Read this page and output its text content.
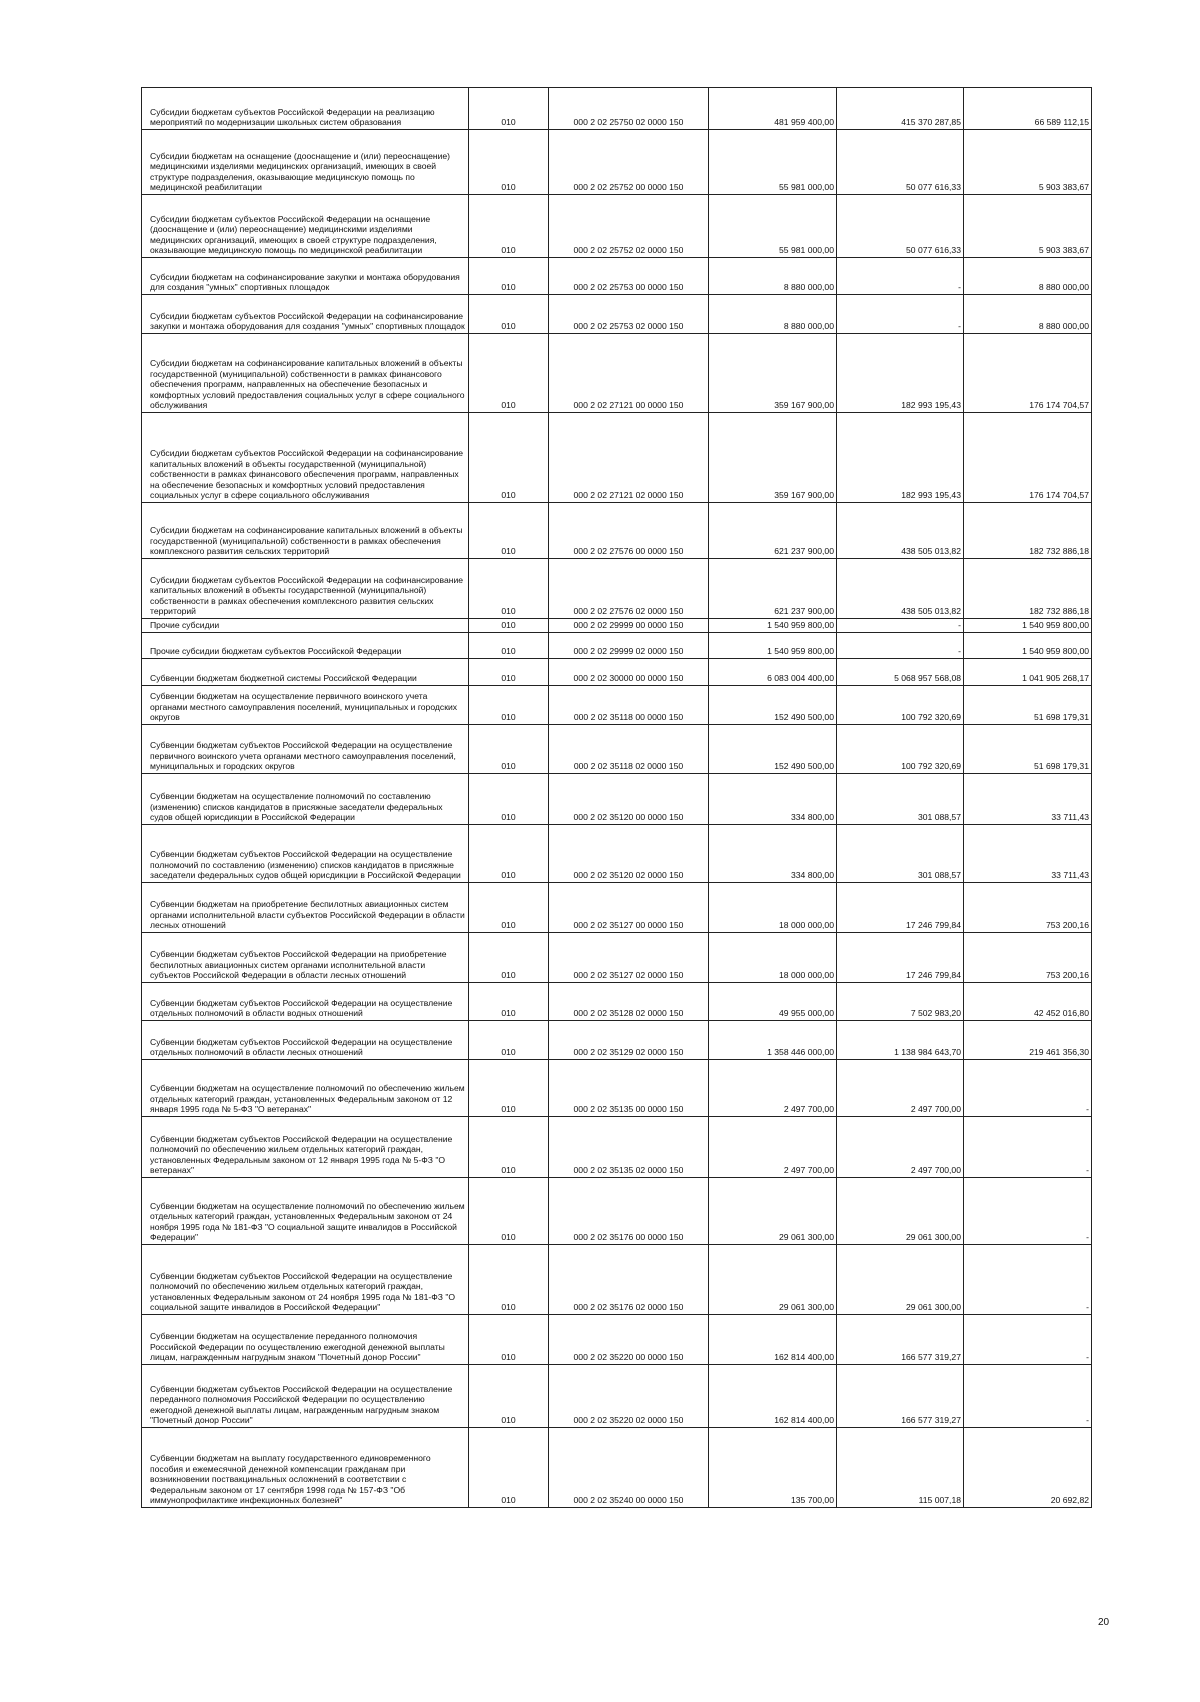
Субсидии бюджетам субъектов Российской Федерации на реализацию мероприятий по модернизации школьных систем образования	010	000 2 02 25750 02 0000 150	481 959 400,00	415 370 287,85	66 589 112,15
Субсидии бюджетам на оснащение (дооснащение и (или) переоснащение) медицинскими изделиями медицинских организаций, имеющих в своей структуре подразделения, оказывающие медицинскую помощь по медицинской реабилитации	010	000 2 02 25752 00 0000 150	55 981 000,00	50 077 616,33	5 903 383,67
Субсидии бюджетам субъектов Российской Федерации на оснащение (дооснащение и (или) переоснащение) медицинскими изделиями медицинских организаций, имеющих в своей структуре подразделения, оказывающие медицинскую помощь по медицинской реабилитации	010	000 2 02 25752 02 0000 150	55 981 000,00	50 077 616,33	5 903 383,67
Субсидии бюджетам на софинансирование закупки и монтажа оборудования для создания "умных" спортивных площадок	010	000 2 02 25753 00 0000 150	8 880 000,00	-	8 880 000,00
Субсидии бюджетам субъектов Российской Федерации на софинансирование закупки и монтажа оборудования для создания "умных" спортивных площадок	010	000 2 02 25753 02 0000 150	8 880 000,00	-	8 880 000,00
Субсидии бюджетам на софинансирование капитальных вложений в объекты государственной (муниципальной) собственности в рамках финансового обеспечения программ, направленных на обеспечение безопасных и комфортных условий предоставления социальных услуг в сфере социального обслуживания	010	000 2 02 27121 00 0000 150	359 167 900,00	182 993 195,43	176 174 704,57
Субсидии бюджетам субъектов Российской Федерации на софинансирование капитальных вложений в объекты государственной (муниципальной) собственности в рамках финансового обеспечения программ, направленных на обеспечение безопасных и комфортных условий предоставления социальных услуг в сфере социального обслуживания	010	000 2 02 27121 02 0000 150	359 167 900,00	182 993 195,43	176 174 704,57
Субсидии бюджетам на софинансирование капитальных вложений в объекты государственной (муниципальной) собственности в рамках обеспечения комплексного развития сельских территорий	010	000 2 02 27576 00 0000 150	621 237 900,00	438 505 013,82	182 732 886,18
Субсидии бюджетам субъектов Российской Федерации на софинансирование капитальных вложений в объекты государственной (муниципальной) собственности в рамках обеспечения комплексного развития сельских территорий	010	000 2 02 27576 02 0000 150	621 237 900,00	438 505 013,82	182 732 886,18
Прочие субсидии	010	000 2 02 29999 00 0000 150	1 540 959 800,00	-	1 540 959 800,00
Прочие субсидии бюджетам субъектов Российской Федерации	010	000 2 02 29999 02 0000 150	1 540 959 800,00	-	1 540 959 800,00
Субвенции бюджетам бюджетной системы Российской Федерации	010	000 2 02 30000 00 0000 150	6 083 004 400,00	5 068 957 568,08	1 041 905 268,17
Субвенции бюджетам на осуществление первичного воинского учета органами местного самоуправления поселений, муниципальных и городских округов	010	000 2 02 35118 00 0000 150	152 490 500,00	100 792 320,69	51 698 179,31
Субвенции бюджетам субъектов Российской Федерации на осуществление первичного воинского учета органами местного самоуправления поселений, муниципальных и городских округов	010	000 2 02 35118 02 0000 150	152 490 500,00	100 792 320,69	51 698 179,31
Субвенции бюджетам на осуществление полномочий по составлению (изменению) списков кандидатов в присяжные заседатели федеральных судов общей юрисдикции в Российской Федерации	010	000 2 02 35120 00 0000 150	334 800,00	301 088,57	33 711,43
Субвенции бюджетам субъектов Российской Федерации на осуществление полномочий по составлению (изменению) списков кандидатов в присяжные заседатели федеральных судов общей юрисдикции в Российской Федерации	010	000 2 02 35120 02 0000 150	334 800,00	301 088,57	33 711,43
Субвенции бюджетам на приобретение беспилотных авиационных систем органами исполнительной власти субъектов Российской Федерации в области лесных отношений	010	000 2 02 35127 00 0000 150	18 000 000,00	17 246 799,84	753 200,16
Субвенции бюджетам субъектов Российской Федерации на приобретение беспилотных авиационных систем органами исполнительной власти субъектов Российской Федерации в области лесных отношений	010	000 2 02 35127 02 0000 150	18 000 000,00	17 246 799,84	753 200,16
Субвенции бюджетам субъектов Российской Федерации на осуществление отдельных полномочий в области водных отношений	010	000 2 02 35128 02 0000 150	49 955 000,00	7 502 983,20	42 452 016,80
Субвенции бюджетам субъектов Российской Федерации на осуществление отдельных полномочий в области лесных отношений	010	000 2 02 35129 02 0000 150	1 358 446 000,00	1 138 984 643,70	219 461 356,30
Субвенции бюджетам на осуществление полномочий по обеспечению жильем отдельных категорий граждан, установленных Федеральным законом от 12 января 1995 года № 5-ФЗ "О ветеранах"	010	000 2 02 35135 00 0000 150	2 497 700,00	2 497 700,00	-
Субвенции бюджетам субъектов Российской Федерации на осуществление полномочий по обеспечению жильем отдельных категорий граждан, установленных Федеральным законом от 12 января 1995 года № 5-ФЗ "О ветеранах"	010	000 2 02 35135 02 0000 150	2 497 700,00	2 497 700,00	-
Субвенции бюджетам на осуществление полномочий по обеспечению жильем отдельных категорий граждан, установленных Федеральным законом от 24 ноября 1995 года № 181-ФЗ "О социальной защите инвалидов в Российской Федерации"	010	000 2 02 35176 00 0000 150	29 061 300,00	29 061 300,00	-
Субвенции бюджетам субъектов Российской Федерации на осуществление полномочий по обеспечению жильем отдельных категорий граждан, установленных Федеральным законом от 24 ноября 1995 года № 181-ФЗ "О социальной защите инвалидов в Российской Федерации"	010	000 2 02 35176 02 0000 150	29 061 300,00	29 061 300,00	-
Субвенции бюджетам на осуществление переданного полномочия Российской Федерации по осуществлению ежегодной денежной выплаты лицам, награжденным нагрудным знаком "Почетный донор России"	010	000 2 02 35220 00 0000 150	162 814 400,00	166 577 319,27	-
Субвенции бюджетам субъектов Российской Федерации на осуществление переданного полномочия Российской Федерации по осуществлению ежегодной денежной выплаты лицам, награжденным нагрудным знаком "Почетный донор России"	010	000 2 02 35220 02 0000 150	162 814 400,00	166 577 319,27	-
Субвенции бюджетам на выплату государственного единовременного пособия и ежемесячной денежной компенсации гражданам при возникновении поствакцинальных осложнений в соответствии с Федеральным законом от 17 сентября 1998 года № 157-ФЗ "Об иммунопрофилактике инфекционных болезней"	010	000 2 02 35240 00 0000 150	135 700,00	115 007,18	20 692,82
20
